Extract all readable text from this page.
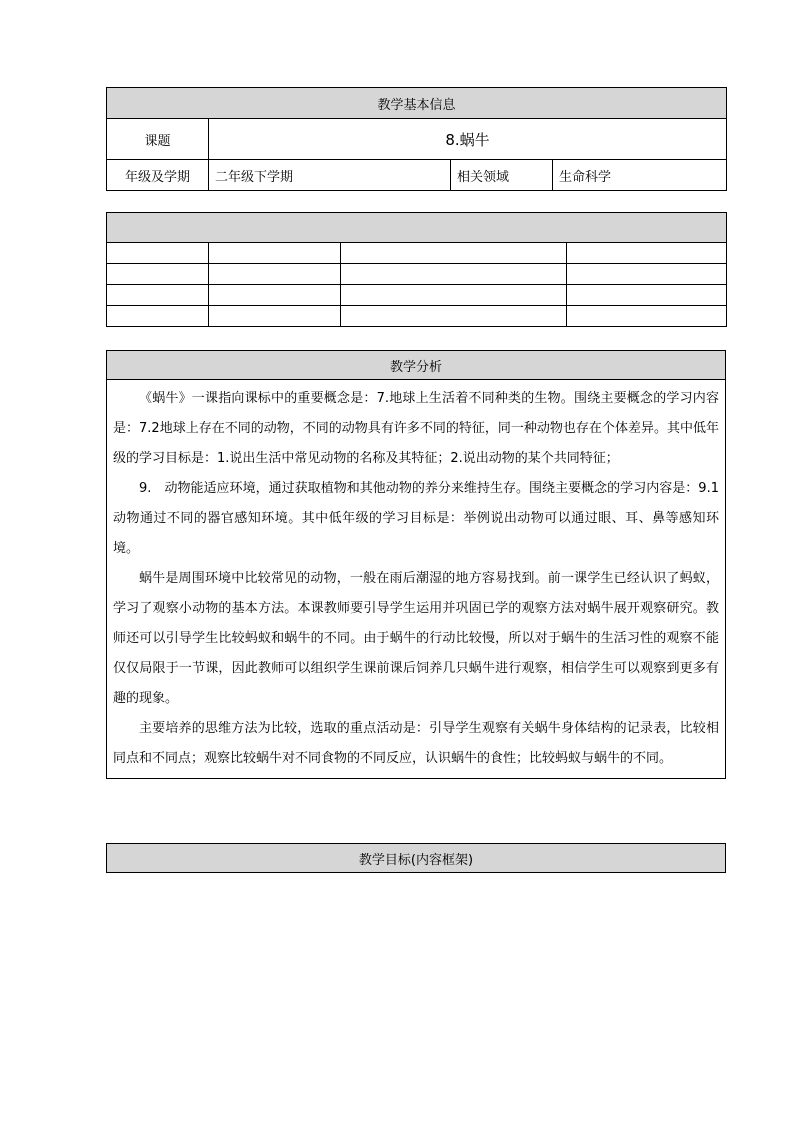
教学基本信息			
课题	8.蜗牛		
年级及学期	二年级下学期	相关领域	生命科学

教学分析

《蜗牛》一课指向课标中的重要概念是：7.地球上生活着不同种类的生物。围绕主要概念的学习内容是：7.2地球上存在不同的动物，不同的动物具有许多不同的特征，同一种动物也存在个体差异。其中低年级的学习目标是：1.说出生活中常见动物的名称及其特征；2.说出动物的某个共同特征；

9.　动物能适应环境，通过获取植物和其他动物的养分来维持生存。围绕主要概念的学习内容是：9.1 动物通过不同的器官感知环境。其中低年级的学习目标是：举例说出动物可以通过眼、耳、鼻等感知环境。

蜗牛是周围环境中比较常见的动物，一般在雨后潮湿的地方容易找到。前一课学生已经认识了蚂蚁，学习了观察小动物的基本方法。本课教师要引导学生运用并巩固已学的观察方法对蜗牛展开观察研究。教师还可以引导学生比较蚂蚁和蜗牛的不同。由于蜗牛的行动比较慢，所以对于蜗牛的生活习性的观察不能仅仅局限于一节课，因此教师可以组织学生课前课后饲养几只蜗牛进行观察，相信学生可以观察到更多有趣的现象。

主要培养的思维方法为比较，选取的重点活动是：引导学生观察有关蜗牛身体结构的记录表，比较相同点和不同点；观察比较蜗牛对不同食物的不同反应，认识蜗牛的食性；比较蚂蚁与蜗牛的不同。

教学目标(内容框架)
